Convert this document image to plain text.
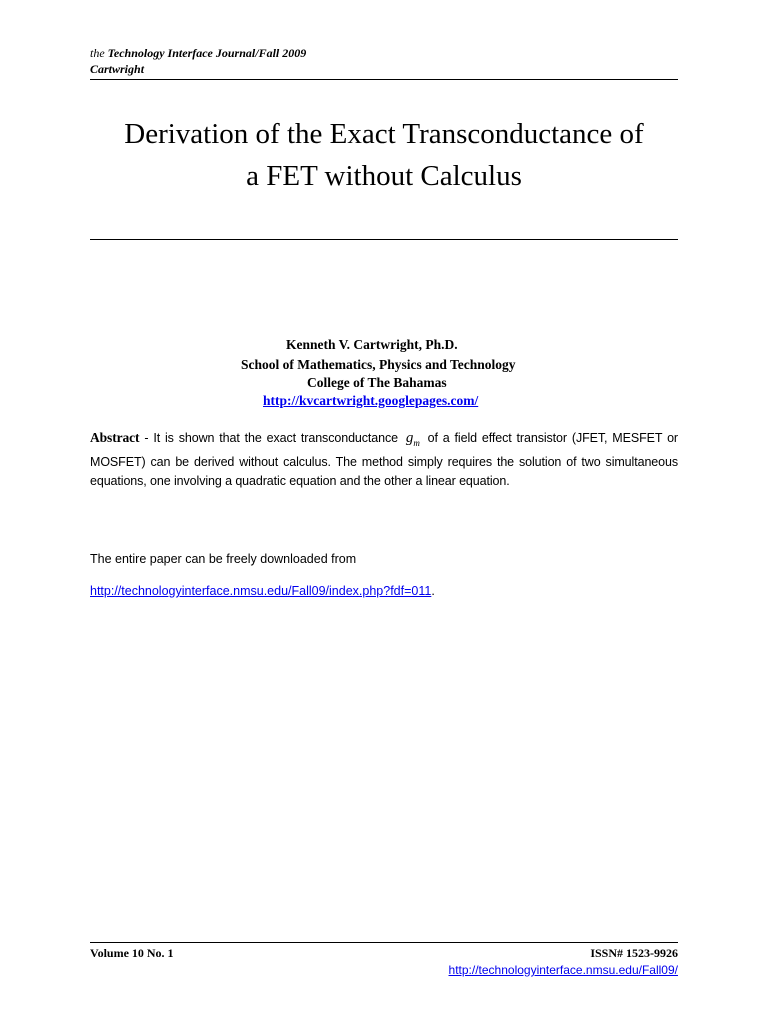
the Technology Interface Journal/Fall 2009
Cartwright
Derivation of the Exact Transconductance of
a FET without Calculus
Kenneth V. Cartwright, Ph.D.
School of Mathematics, Physics and Technology
College of The Bahamas
http://kvcartwright.googlepages.com/
Abstract - It is shown that the exact transconductance $g_m$ of a field effect transistor (JFET, MESFET or MOSFET) can be derived without calculus. The method simply requires the solution of two simultaneous equations, one involving a quadratic equation and the other a linear equation.
The entire paper can be freely downloaded from
http://technologyinterface.nmsu.edu/Fall09/index.php?fdf=011.
Volume 10 No. 1	ISSN# 1523-9926
http://technologyinterface.nmsu.edu/Fall09/
